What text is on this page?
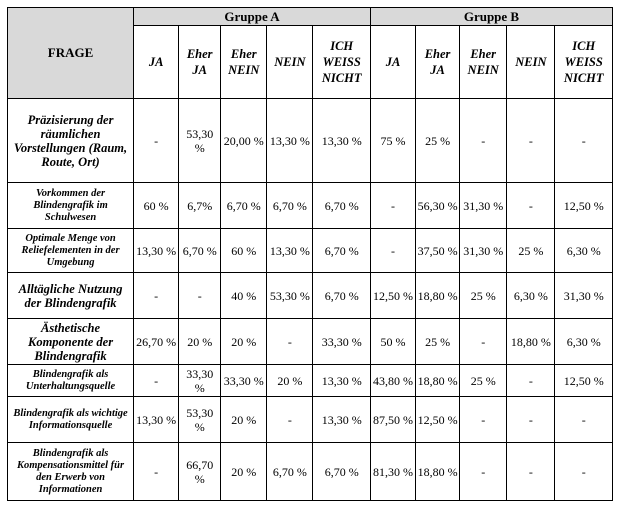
FRAGE	Gruppe A					Gruppe B				
	JA	Eher JA	Eher NEIN	NEIN	ICH WEISS NICHT	JA	Eher JA	Eher NEIN	NEIN	ICH WEISS NICHT
Präzisierung der räumlichen Vorstellungen (Raum, Route, Ort)	-	53,30 %	20,00 %	13,30 %	13,30 %	75 %	25 %	-	-	-
Vorkommen der Blindengrafik im Schulwesen	60 %	6,7%	6,70 %	6,70 %	6,70 %	-	56,30 %	31,30 %	-	12,50 %
Optimale Menge von Reliefelementen in der Umgebung	13,30 %	6,70 %	60 %	13,30 %	6,70 %	-	37,50 %	31,30 %	25 %	6,30 %
Alltägliche Nutzung der Blindengrafik	-	-	40 %	53,30 %	6,70 %	12,50 %	18,80 %	25 %	6,30 %	31,30 %
Ästhetische Komponente der Blindengrafik	26,70 %	20 %	20 %	-	33,30 %	50 %	25 %	-	18,80 %	6,30 %
Blindengrafik als Unterhaltungsquelle	-	33,30 %	33,30 %	20 %	13,30 %	43,80 %	18,80 %	25 %	-	12,50 %
Blindengrafik als wichtige Informationsquelle	13,30 %	53,30 %	20 %	-	13,30 %	87,50 %	12,50 %	-	-	-
Blindengrafik als Kompensationsmittel für den Erwerb von Informationen	-	66,70 %	20 %	6,70 %	6,70 %	81,30 %	18,80 %	-	-	-
